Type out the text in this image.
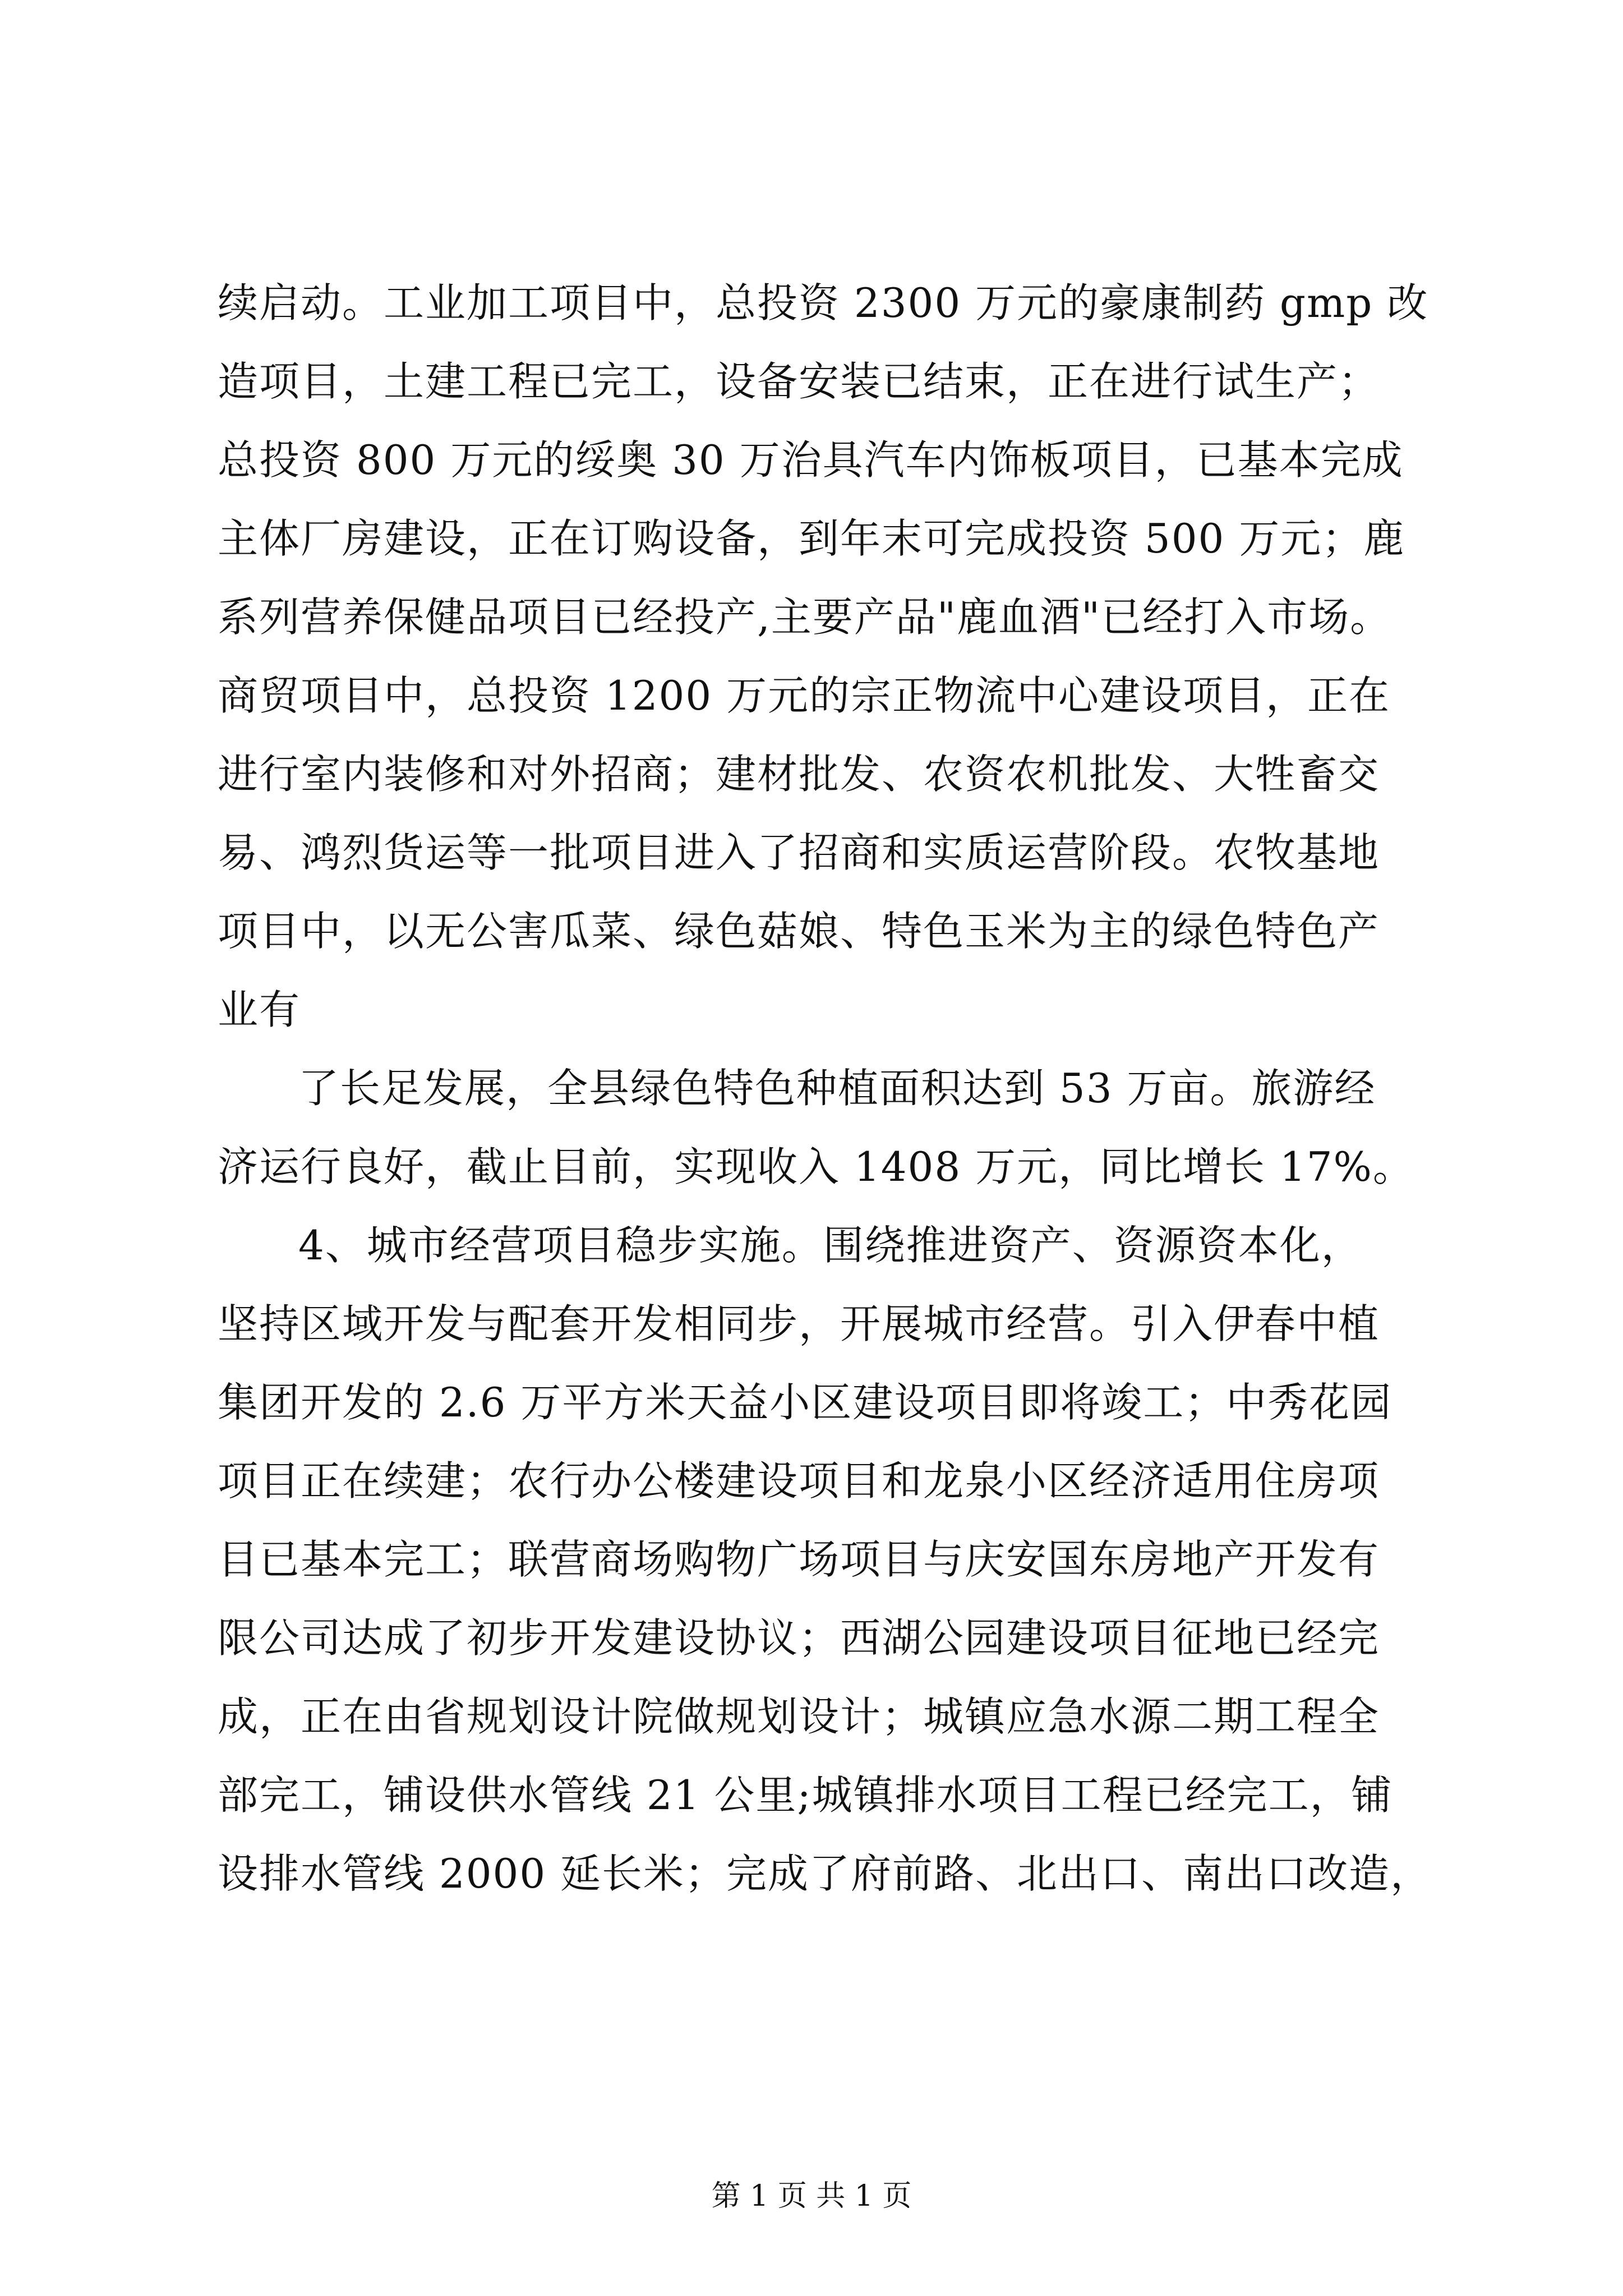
续启动。工业加工项目中，总投资 2300 万元的豪康制药 gmp 改
造项目，土建工程已完工，设备安装已结束，正在进行试生产；
总投资 800 万元的绥奥 30 万治具汽车内饰板项目，已基本完成
主体厂房建设，正在订购设备，到年末可完成投资 500 万元；鹿
系列营养保健品项目已经投产,主要产品"鹿血酒"已经打入市场。
商贸项目中，总投资 1200 万元的宗正物流中心建设项目，正在
进行室内装修和对外招商；建材批发、农资农机批发、大牲畜交
易、鸿烈货运等一批项目进入了招商和实质运营阶段。农牧基地
项目中，以无公害瓜菜、绿色菇娘、特色玉米为主的绿色特色产
业有
了长足发展，全县绿色特色种植面积达到 53 万亩。旅游经
济运行良好，截止目前，实现收入 1408 万元，同比增长 17%。
4、城市经营项目稳步实施。围绕推进资产、资源资本化，
坚持区域开发与配套开发相同步，开展城市经营。引入伊春中植
集团开发的 2.6 万平方米天益小区建设项目即将竣工；中秀花园
项目正在续建；农行办公楼建设项目和龙泉小区经济适用住房项
目已基本完工；联营商场购物广场项目与庆安国东房地产开发有
限公司达成了初步开发建设协议；西湖公园建设项目征地已经完
成，正在由省规划设计院做规划设计；城镇应急水源二期工程全
部完工，铺设供水管线 21 公里;城镇排水项目工程已经完工，铺
设排水管线 2000 延长米；完成了府前路、北出口、南出口改造，
第 1 页 共 1 页
